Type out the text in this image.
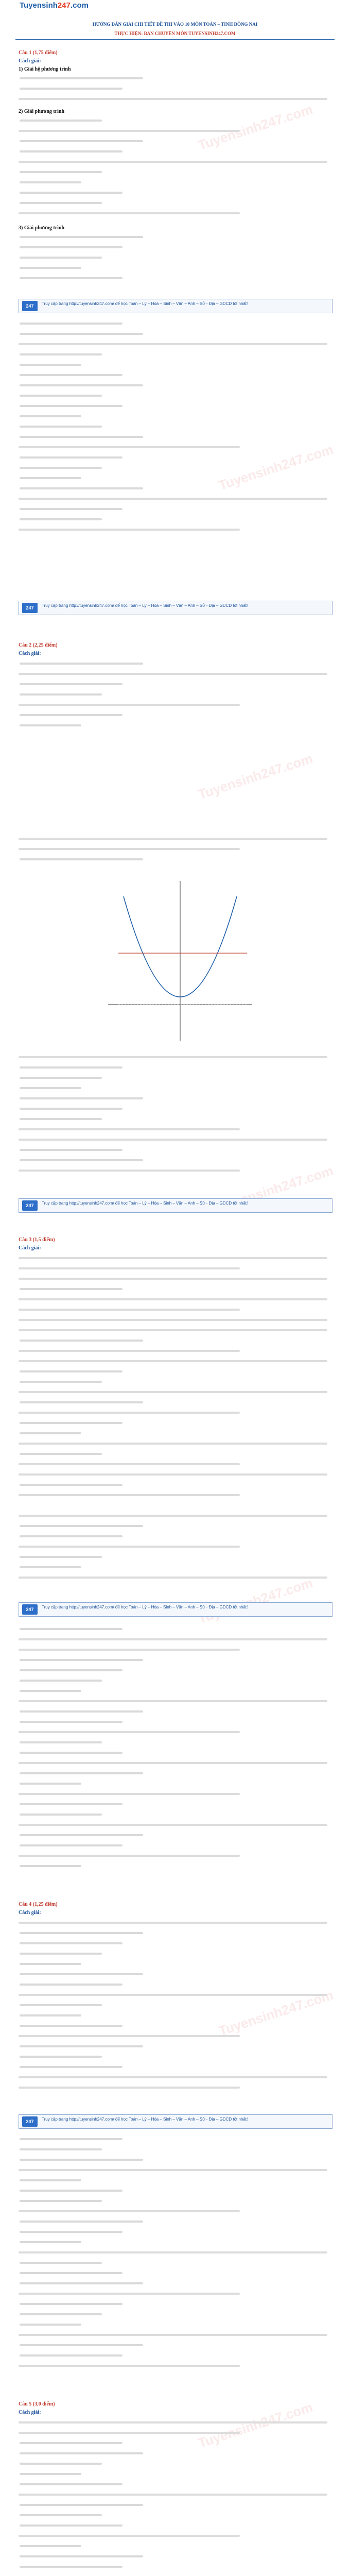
Tuyensinh247.com
HƯỚNG DẪN GIẢI CHI TIẾT ĐỀ THI VÀO 10 MÔN TOÁN – TỈNH ĐỒNG NAI
THỰC HIỆN: BAN CHUYÊN MÔN TUYENSINH247.COM
Tuyensinh247.com
Tuyensinh247.com
Tuyensinh247.com
Tuyensinh247.com
Tuyensinh247.com
Tuyensinh247.com
Tuyensinh247.com
Câu 1 (1,75 điểm)
Cách giải:
1) Giải hệ phương trình
2) Giải phương trình
3) Giải phương trình
247	Truy cập trang http://tuyensinh247.com/ để học Toán – Lý – Hóa – Sinh – Văn – Anh – Sử - Địa – GDCD tốt nhất!
247	Truy cập trang http://tuyensinh247.com/ để học Toán – Lý – Hóa – Sinh – Văn – Anh – Sử - Địa – GDCD tốt nhất!
Câu 2 (2,25 điểm)
Cách giải:
247	Truy cập trang http://tuyensinh247.com/ để học Toán – Lý – Hóa – Sinh – Văn – Anh – Sử - Địa – GDCD tốt nhất!
Câu 3 (1,5 điểm)
Cách giải:
247	Truy cập trang http://tuyensinh247.com/ để học Toán – Lý – Hóa – Sinh – Văn – Anh – Sử - Địa – GDCD tốt nhất!
Câu 4 (1,25 điểm)
Cách giải:
247	Truy cập trang http://tuyensinh247.com/ để học Toán – Lý – Hóa – Sinh – Văn – Anh – Sử - Địa – GDCD tốt nhất!
Câu 5 (3,0 điểm)
Cách giải:
